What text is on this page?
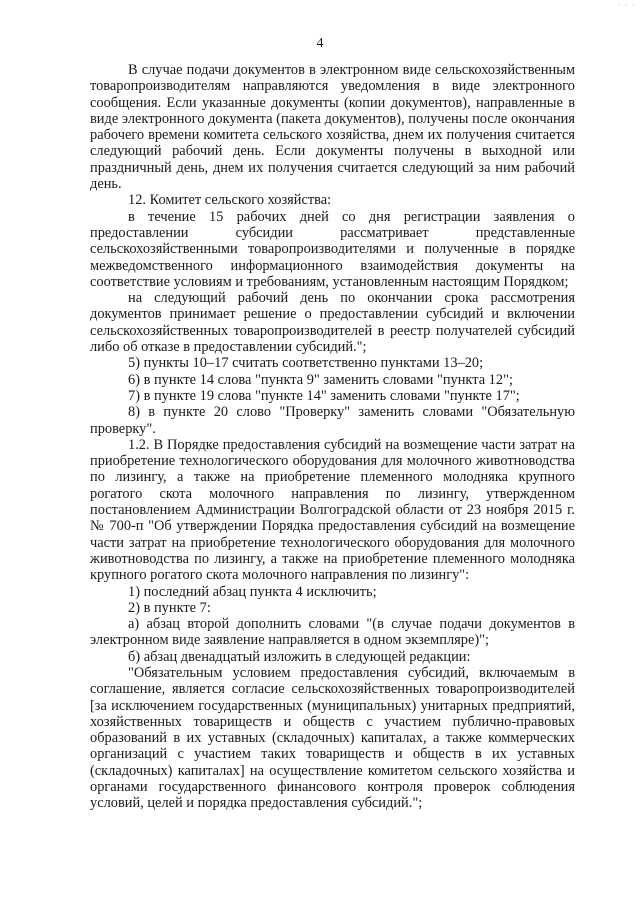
· · ·
4

В случае подачи документов в электронном виде сельскохозяйственным товаропроизводителям направляются уведомления в виде электронного сообщения. Если указанные документы (копии документов), направленные в виде электронного документа (пакета документов), получены после окончания рабочего времени комитета сельского хозяйства, днем их получения считается следующий рабочий день. Если документы получены в выходной или праздничный день, днем их получения считается следующий за ним рабочий день.

12. Комитет сельского хозяйства:

в течение 15 рабочих дней со дня регистрации заявления о предоставлении субсидии рассматривает представленные сельскохозяйственными товаропроизводителями и полученные в порядке межведомственного информационного взаимодействия документы на соответствие условиям и требованиям, установленным настоящим Порядком;

на следующий рабочий день по окончании срока рассмотрения документов принимает решение о предоставлении субсидий и включении сельскохозяйственных товаропроизводителей в реестр получателей субсидий либо об отказе в предоставлении субсидий.";

5) пункты 10–17 считать соответственно пунктами 13–20;

6) в пункте 14 слова "пункта 9" заменить словами "пункта 12";

7) в пункте 19 слова "пункте 14" заменить словами "пункте 17";

8) в пункте 20 слово "Проверку" заменить словами "Обязательную проверку".

1.2. В Порядке предоставления субсидий на возмещение части затрат на приобретение технологического оборудования для молочного животноводства по лизингу, а также на приобретение племенного молодняка крупного рогатого скота молочного направления по лизингу, утвержденном постановлением Администрации Волгоградской области от 23 ноября 2015 г. № 700-п "Об утверждении Порядка предоставления субсидий на возмещение части затрат на приобретение технологического оборудования для молочного животноводства по лизингу, а также на приобретение племенного молодняка крупного рогатого скота молочного направления по лизингу":

1) последний абзац пункта 4 исключить;

2) в пункте 7:

а) абзац второй дополнить словами "(в случае подачи документов в электронном виде заявление направляется в одном экземпляре)";

б) абзац двенадцатый изложить в следующей редакции:

"Обязательным условием предоставления субсидий, включаемым в соглашение, является согласие сельскохозяйственных товаропроизводителей [за исключением государственных (муниципальных) унитарных предприятий, хозяйственных товариществ и обществ с участием публично-правовых образований в их уставных (складочных) капиталах, а также коммерческих организаций с участием таких товариществ и обществ в их уставных (складочных) капиталах] на осуществление комитетом сельского хозяйства и органами государственного финансового контроля проверок соблюдения условий, целей и порядка предоставления субсидий.";
